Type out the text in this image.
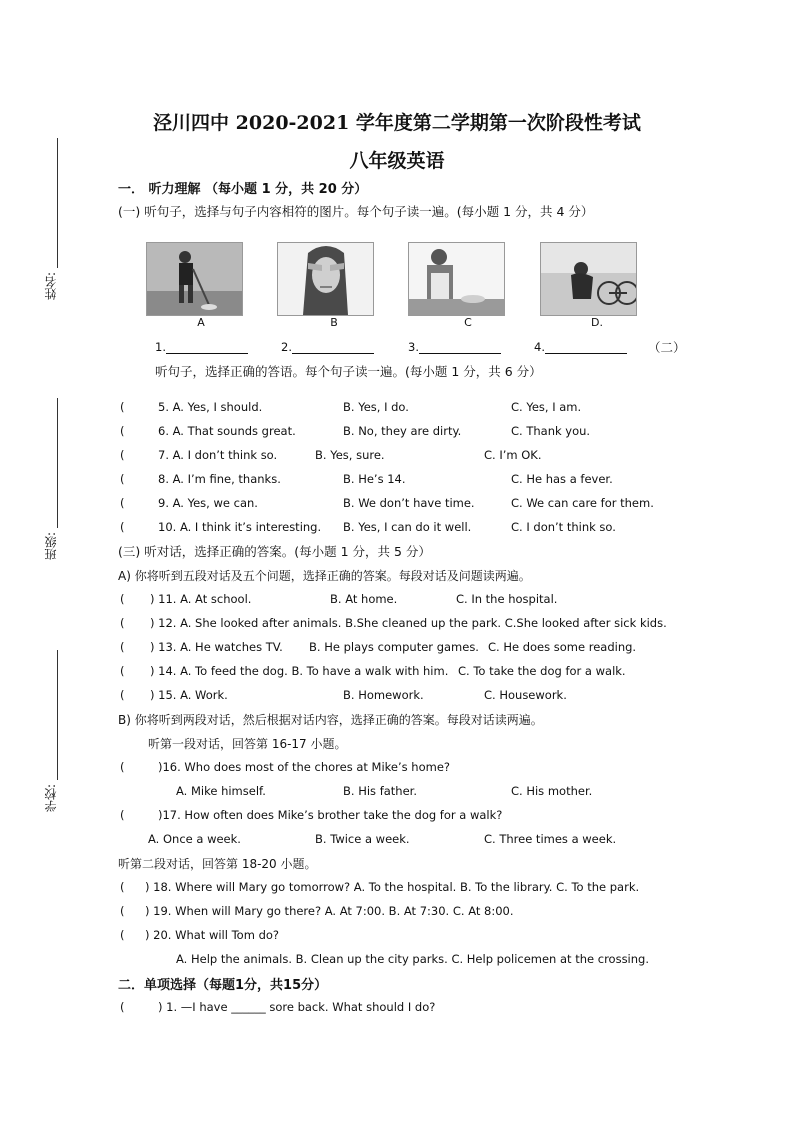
姓名:
班级:
学校:
泾川四中 2020-2021 学年度第二学期第一次阶段性考试
八年级英语
一． 听力理解 （每小题 1 分，共 20 分）
(一) 听句子，选择与句子内容相符的图片。每个句子读一遍。(每小题 1 分，共 4 分）
A	B	C	D.
1.	2.	3.	4.	（二）
听句子，选择正确的答语。每个句子读一遍。(每小题 1 分，共 6 分）
(	5. A. Yes, I should.	B. Yes, I do.	C. Yes, I am.
(	6. A. That sounds great.	B. No, they are dirty.	C. Thank you.
(	7. A. I don’t think so.	B. Yes, sure.	C. I’m OK.
(	8. A. I’m fine, thanks.	B. He’s 14.	C. He has a fever.
(	9. A. Yes, we can.	B. We don’t have time.	C. We can care for them.
(	10. A. I think it’s interesting. B. Yes, I can do it well.	C. I don’t think so.
(三) 听对话，选择正确的答案。(每小题 1 分，共 5 分）
A) 你将听到五段对话及五个问题，选择正确的答案。每段对话及问题读两遍。
( ) 11. A. At school.	B. At home.	C. In the hospital.
( ) 12. A. She looked after animals. B.She cleaned up the park. C.She looked after sick kids.
( ) 13. A. He watches TV. B. He plays computer games. C. He does some reading.
( ) 14. A. To feed the dog. B. To have a walk with him. C. To take the dog for a walk.
( ) 15. A. Work.	B. Homework.	C. Housework.
B) 你将听到两段对话，然后根据对话内容，选择正确的答案。每段对话读两遍。
听第一段对话，回答第 16-17 小题。
(	)16. Who does most of the chores at Mike’s home?
A. Mike himself.	B. His father.	C. His mother.
(	)17. How often does Mike’s brother take the dog for a walk?
A. Once a week.	B. Twice a week.	C. Three times a week.
听第二段对话，回答第 18-20 小题。
( ) 18. Where will Mary go tomorrow? A. To the hospital. B. To the library. C. To the park.
( ) 19. When will Mary go there? A. At 7:00. B. At 7:30. C. At 8:00.
( ) 20. What will Tom do?
A. Help the animals. B. Clean up the city parks. C. Help policemen at the crossing.
二．单项选择（每题1分，共15分）
(	) 1. —I have ______ sore back. What should I do?
